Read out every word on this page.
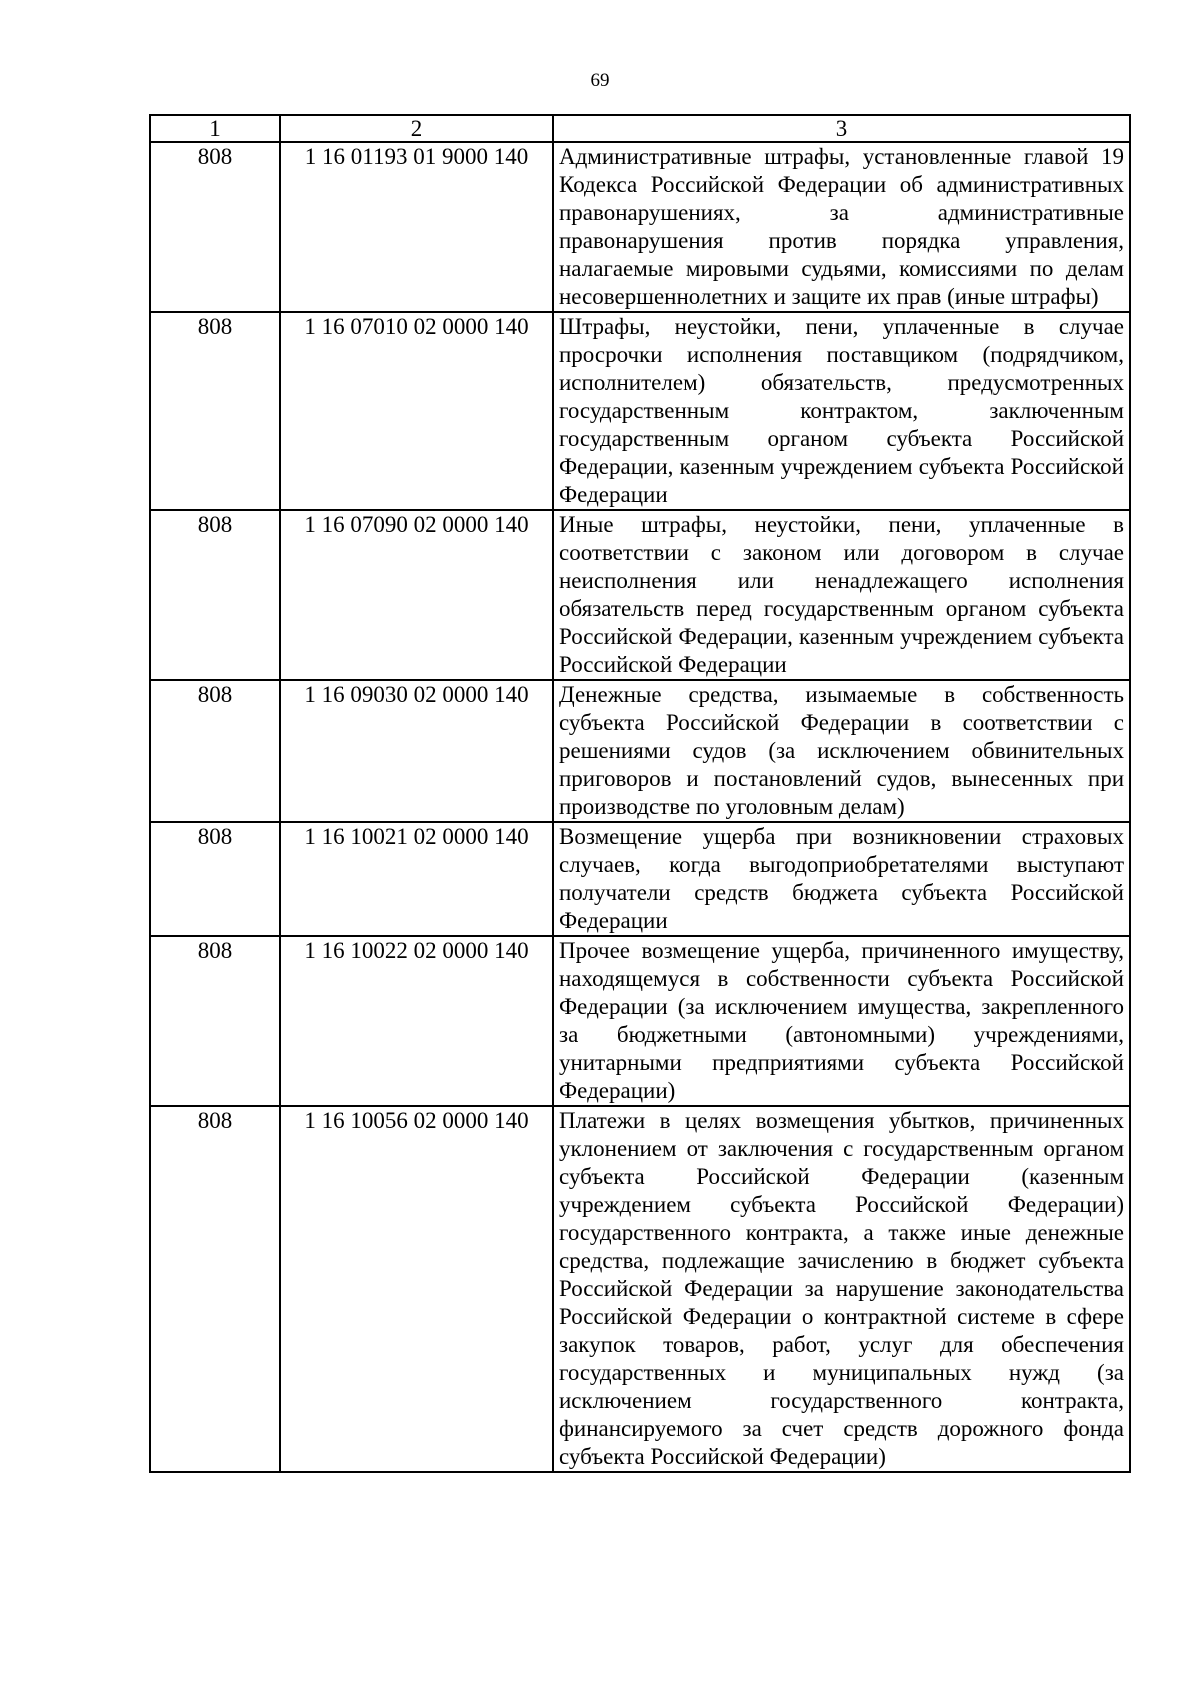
69
1	2	3
808	1 16 01193 01 9000 140	Административные штрафы, установленные главой 19 Кодекса Российской Федерации об административных правонарушениях, за административные правонарушения против порядка управления, налагаемые мировыми судьями, комиссиями по делам несовершеннолетних и защите их прав (иные штрафы)
808	1 16 07010 02 0000 140	Штрафы, неустойки, пени, уплаченные в случае просрочки исполнения поставщиком (подрядчиком, исполнителем) обязательств, предусмотренных государственным контрактом, заключенным государственным органом субъекта Российской Федерации, казенным учреждением субъекта Российской Федерации
808	1 16 07090 02 0000 140	Иные штрафы, неустойки, пени, уплаченные в соответствии с законом или договором в случае неисполнения или ненадлежащего исполнения обязательств перед государственным органом субъекта Российской Федерации, казенным учреждением субъекта Российской Федерации
808	1 16 09030 02 0000 140	Денежные средства, изымаемые в собственность субъекта Российской Федерации в соответствии с решениями судов (за исключением обвинительных приговоров и постановлений судов, вынесенных при производстве по уголовным делам)
808	1 16 10021 02 0000 140	Возмещение ущерба при возникновении страховых случаев, когда выгодоприобретателями выступают получатели средств бюджета субъекта Российской Федерации
808	1 16 10022 02 0000 140	Прочее возмещение ущерба, причиненного имуществу, находящемуся в собственности субъекта Российской Федерации (за исключением имущества, закрепленного за бюджетными (автономными) учреждениями, унитарными предприятиями субъекта Российской Федерации)
808	1 16 10056 02 0000 140	Платежи в целях возмещения убытков, причиненных уклонением от заключения с государственным органом субъекта Российской Федерации (казенным учреждением субъекта Российской Федерации) государственного контракта, а также иные денежные средства, подлежащие зачислению в бюджет субъекта Российской Федерации за нарушение законодательства Российской Федерации о контрактной системе в сфере закупок товаров, работ, услуг для обеспечения государственных и муниципальных нужд (за исключением государственного контракта, финансируемого за счет средств дорожного фонда субъекта Российской Федерации)
